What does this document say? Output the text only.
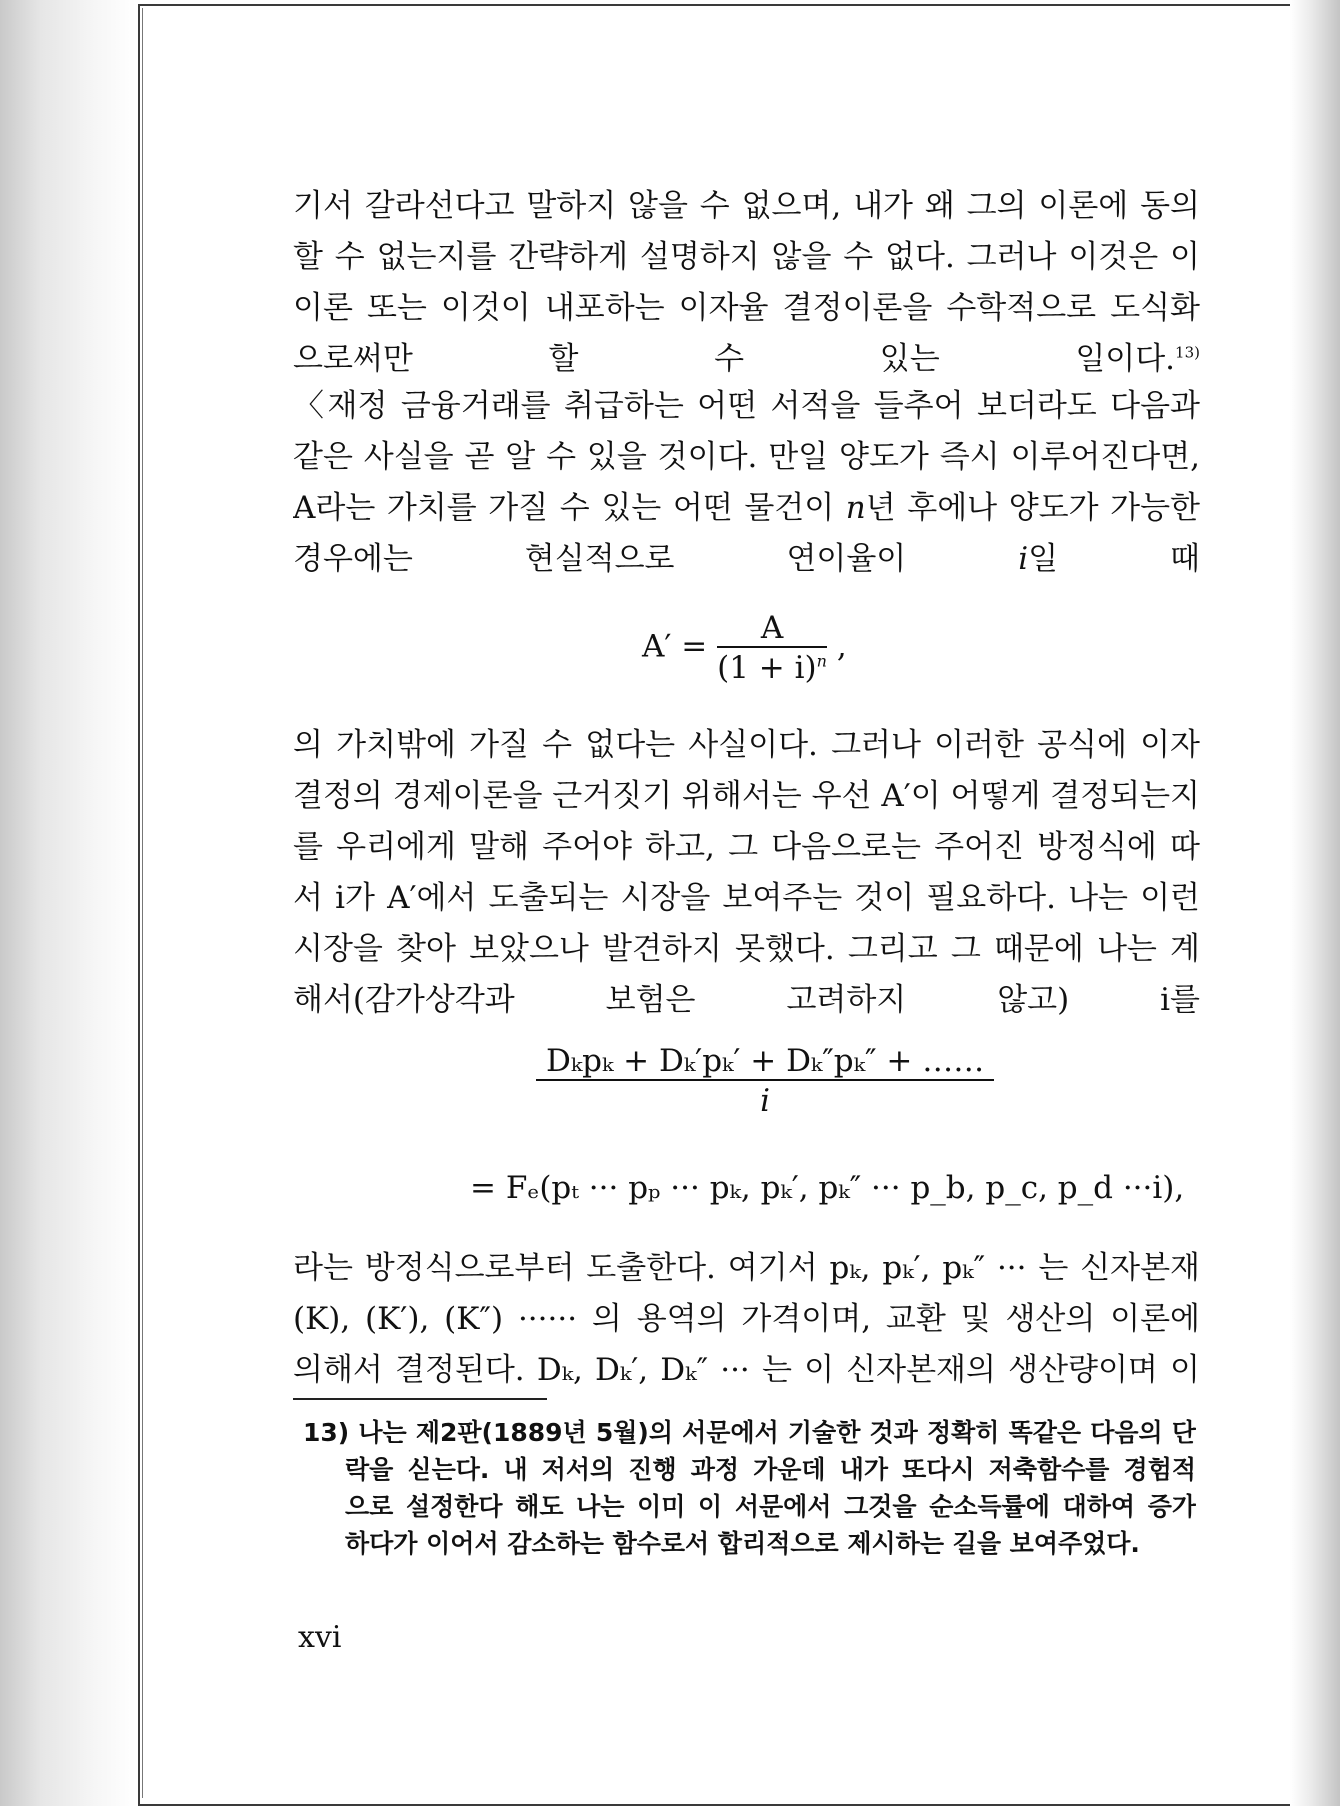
기서 갈라선다고 말하지 않을 수 없으며, 내가 왜 그의 이론에 동의
할 수 없는지를 간략하게 설명하지 않을 수 없다. 그러나 이것은 이
이론 또는 이것이 내포하는 이자율 결정이론을 수학적으로 도식화
으로써만 할 수 있는 일이다.$^{13)}$
〈재정 금융거래를 취급하는 어떤 서적을 들추어 보더라도 다음과
같은 사실을 곧 알 수 있을 것이다. 만일 양도가 즉시 이루어진다면,
A라는 가치를 가질 수 있는 어떤 물건이 n년 후에나 양도가 가능한
경우에는 현실적으로 연이율이 i일 때
$A' = \frac{A}{(1 + i)^n}$ ,
의 가치밖에 가질 수 없다는 사실이다. 그러나 이러한 공식에 이자
결정의 경제이론을 근거짓기 위해서는 우선 A′이 어떻게 결정되는지
를 우리에게 말해 주어야 하고, 그 다음으로는 주어진 방정식에 따
서 i가 A′에서 도출되는 시장을 보여주는 것이 필요하다. 나는 이런
시장을 찾아 보았으나 발견하지 못했다. 그리고 그 때문에 나는 계
해서(감가상각과 보험은 고려하지 않고) i를
$\frac{\text{Dₖpₖ + Dₖ′pₖ′ + Dₖ″pₖ″ + ……}}{i}$
= Fₑ(pₜ ··· pₚ ··· pₖ, pₖ′, pₖ″ ··· p_b, p_c, p_d ···i),
라는 방정식으로부터 도출한다. 여기서 pₖ, pₖ′, pₖ″ ··· 는 신자본재
(K), (K′), (K″) ······ 의 용역의 가격이며, 교환 및 생산의 이론에
의해서 결정된다. Dₖ, Dₖ′, Dₖ″ ··· 는 이 신자본재의 생산량이며 이
13) 나는 제2판(1889년 5월)의 서문에서 기술한 것과 정확히 똑같은 다음의 단
락을 싣는다. 내 저서의 진행 과정 가운데 내가 또다시 저축함수를 경험적
으로 설정한다 해도 나는 이미 이 서문에서 그것을 순소득률에 대하여 증가
하다가 이어서 감소하는 함수로서 합리적으로 제시하는 길을 보여주었다.
xvi
